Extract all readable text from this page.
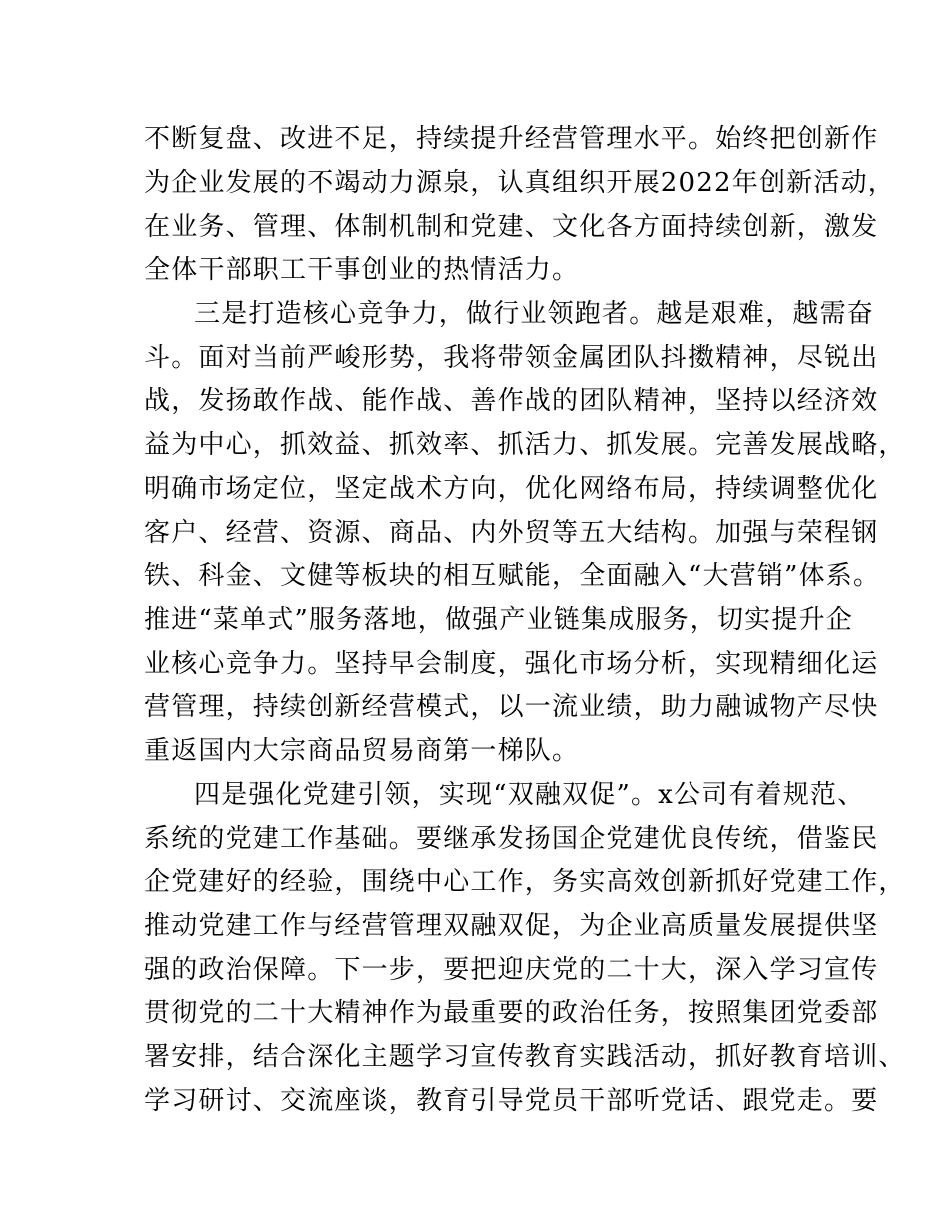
不断复盘、改进不足，持续提升经营管理水平。始终把创新作
为企业发展的不竭动力源泉，认真组织开展2022年创新活动，
在业务、管理、体制机制和党建、文化各方面持续创新，激发
全体干部职工干事创业的热情活力。
三是打造核心竞争力，做行业领跑者。越是艰难，越需奋
斗。面对当前严峻形势，我将带领金属团队抖擞精神，尽锐出
战，发扬敢作战、能作战、善作战的团队精神，坚持以经济效
益为中心，抓效益、抓效率、抓活力、抓发展。完善发展战略，
明确市场定位，坚定战术方向，优化网络布局，持续调整优化
客户、经营、资源、商品、内外贸等五大结构。加强与荣程钢
铁、科金、文健等板块的相互赋能，全面融入“大营销”体系。
推进“菜单式”服务落地，做强产业链集成服务，切实提升企
业核心竞争力。坚持早会制度，强化市场分析，实现精细化运
营管理，持续创新经营模式，以一流业绩，助力融诚物产尽快
重返国内大宗商品贸易商第一梯队。
四是强化党建引领，实现“双融双促”。x公司有着规范、
系统的党建工作基础。要继承发扬国企党建优良传统，借鉴民
企党建好的经验，围绕中心工作，务实高效创新抓好党建工作，
推动党建工作与经营管理双融双促，为企业高质量发展提供坚
强的政治保障。下一步，要把迎庆党的二十大，深入学习宣传
贯彻党的二十大精神作为最重要的政治任务，按照集团党委部
署安排，结合深化主题学习宣传教育实践活动，抓好教育培训、
学习研讨、交流座谈，教育引导党员干部听党话、跟党走。要
